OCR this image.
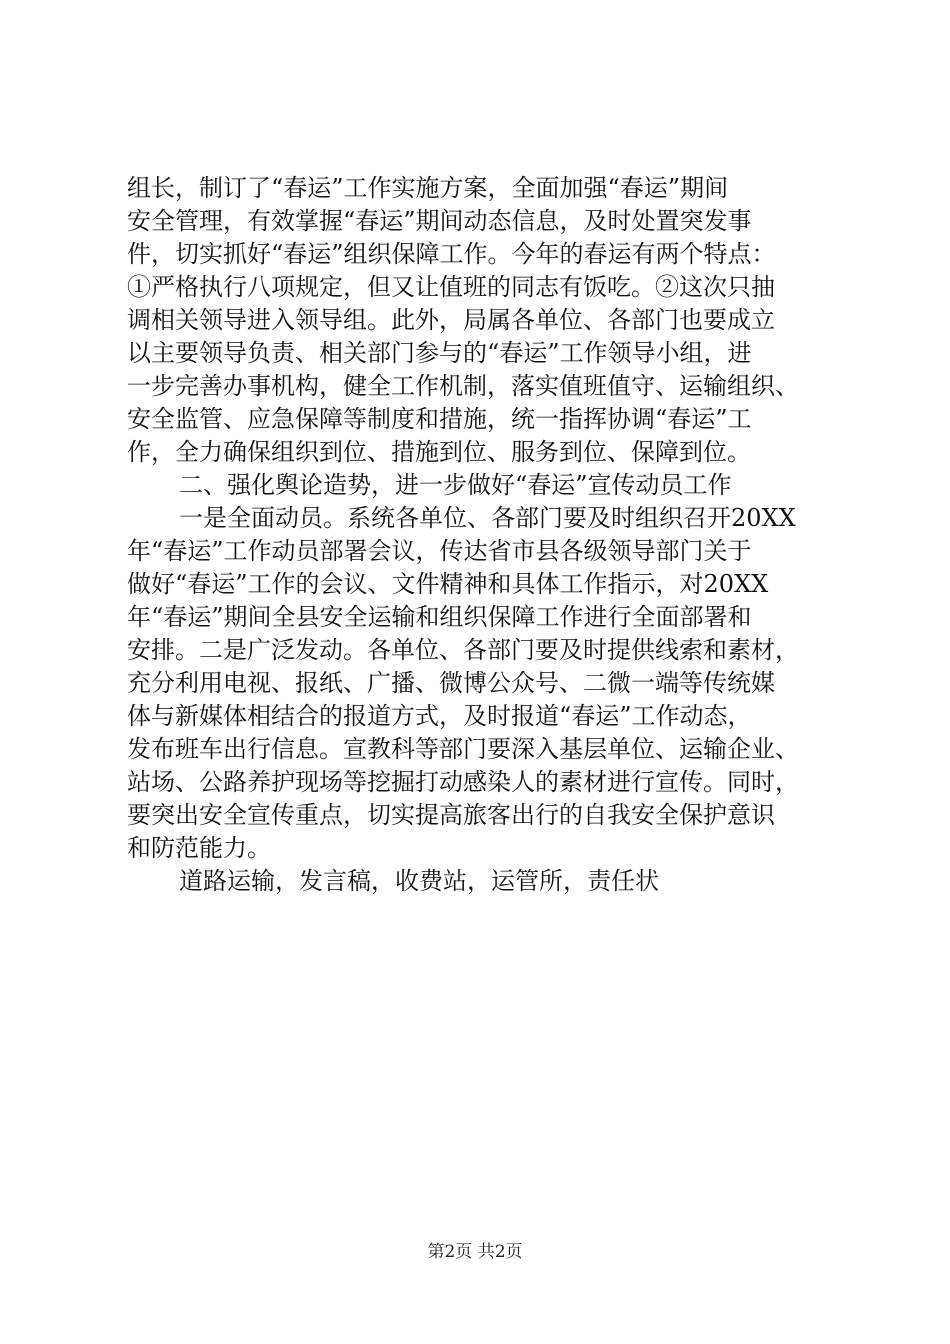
组长，制订了“春运”工作实施方案，全面加强“春运”期间
安全管理，有效掌握“春运”期间动态信息，及时处置突发事
件，切实抓好“春运”组织保障工作。今年的春运有两个特点：
①严格执行八项规定，但又让值班的同志有饭吃。②这次只抽
调相关领导进入领导组。此外，局属各单位、各部门也要成立
以主要领导负责、相关部门参与的“春运”工作领导小组，进
一步完善办事机构，健全工作机制，落实值班值守、运输组织、
安全监管、应急保障等制度和措施，统一指挥协调“春运”工
作，全力确保组织到位、措施到位、服务到位、保障到位。
二、强化舆论造势，进一步做好“春运”宣传动员工作
一是全面动员。系统各单位、各部门要及时组织召开20XX
年“春运”工作动员部署会议，传达省市县各级领导部门关于
做好“春运”工作的会议、文件精神和具体工作指示，对20XX
年“春运”期间全县安全运输和组织保障工作进行全面部署和
安排。二是广泛发动。各单位、各部门要及时提供线索和素材，
充分利用电视、报纸、广播、微博公众号、二微一端等传统媒
体与新媒体相结合的报道方式，及时报道“春运”工作动态，
发布班车出行信息。宣教科等部门要深入基层单位、运输企业、
站场、公路养护现场等挖掘打动感染人的素材进行宣传。同时，
要突出安全宣传重点，切实提高旅客出行的自我安全保护意识
和防范能力。
道路运输，发言稿，收费站，运管所，责任状
第2页 共2页
